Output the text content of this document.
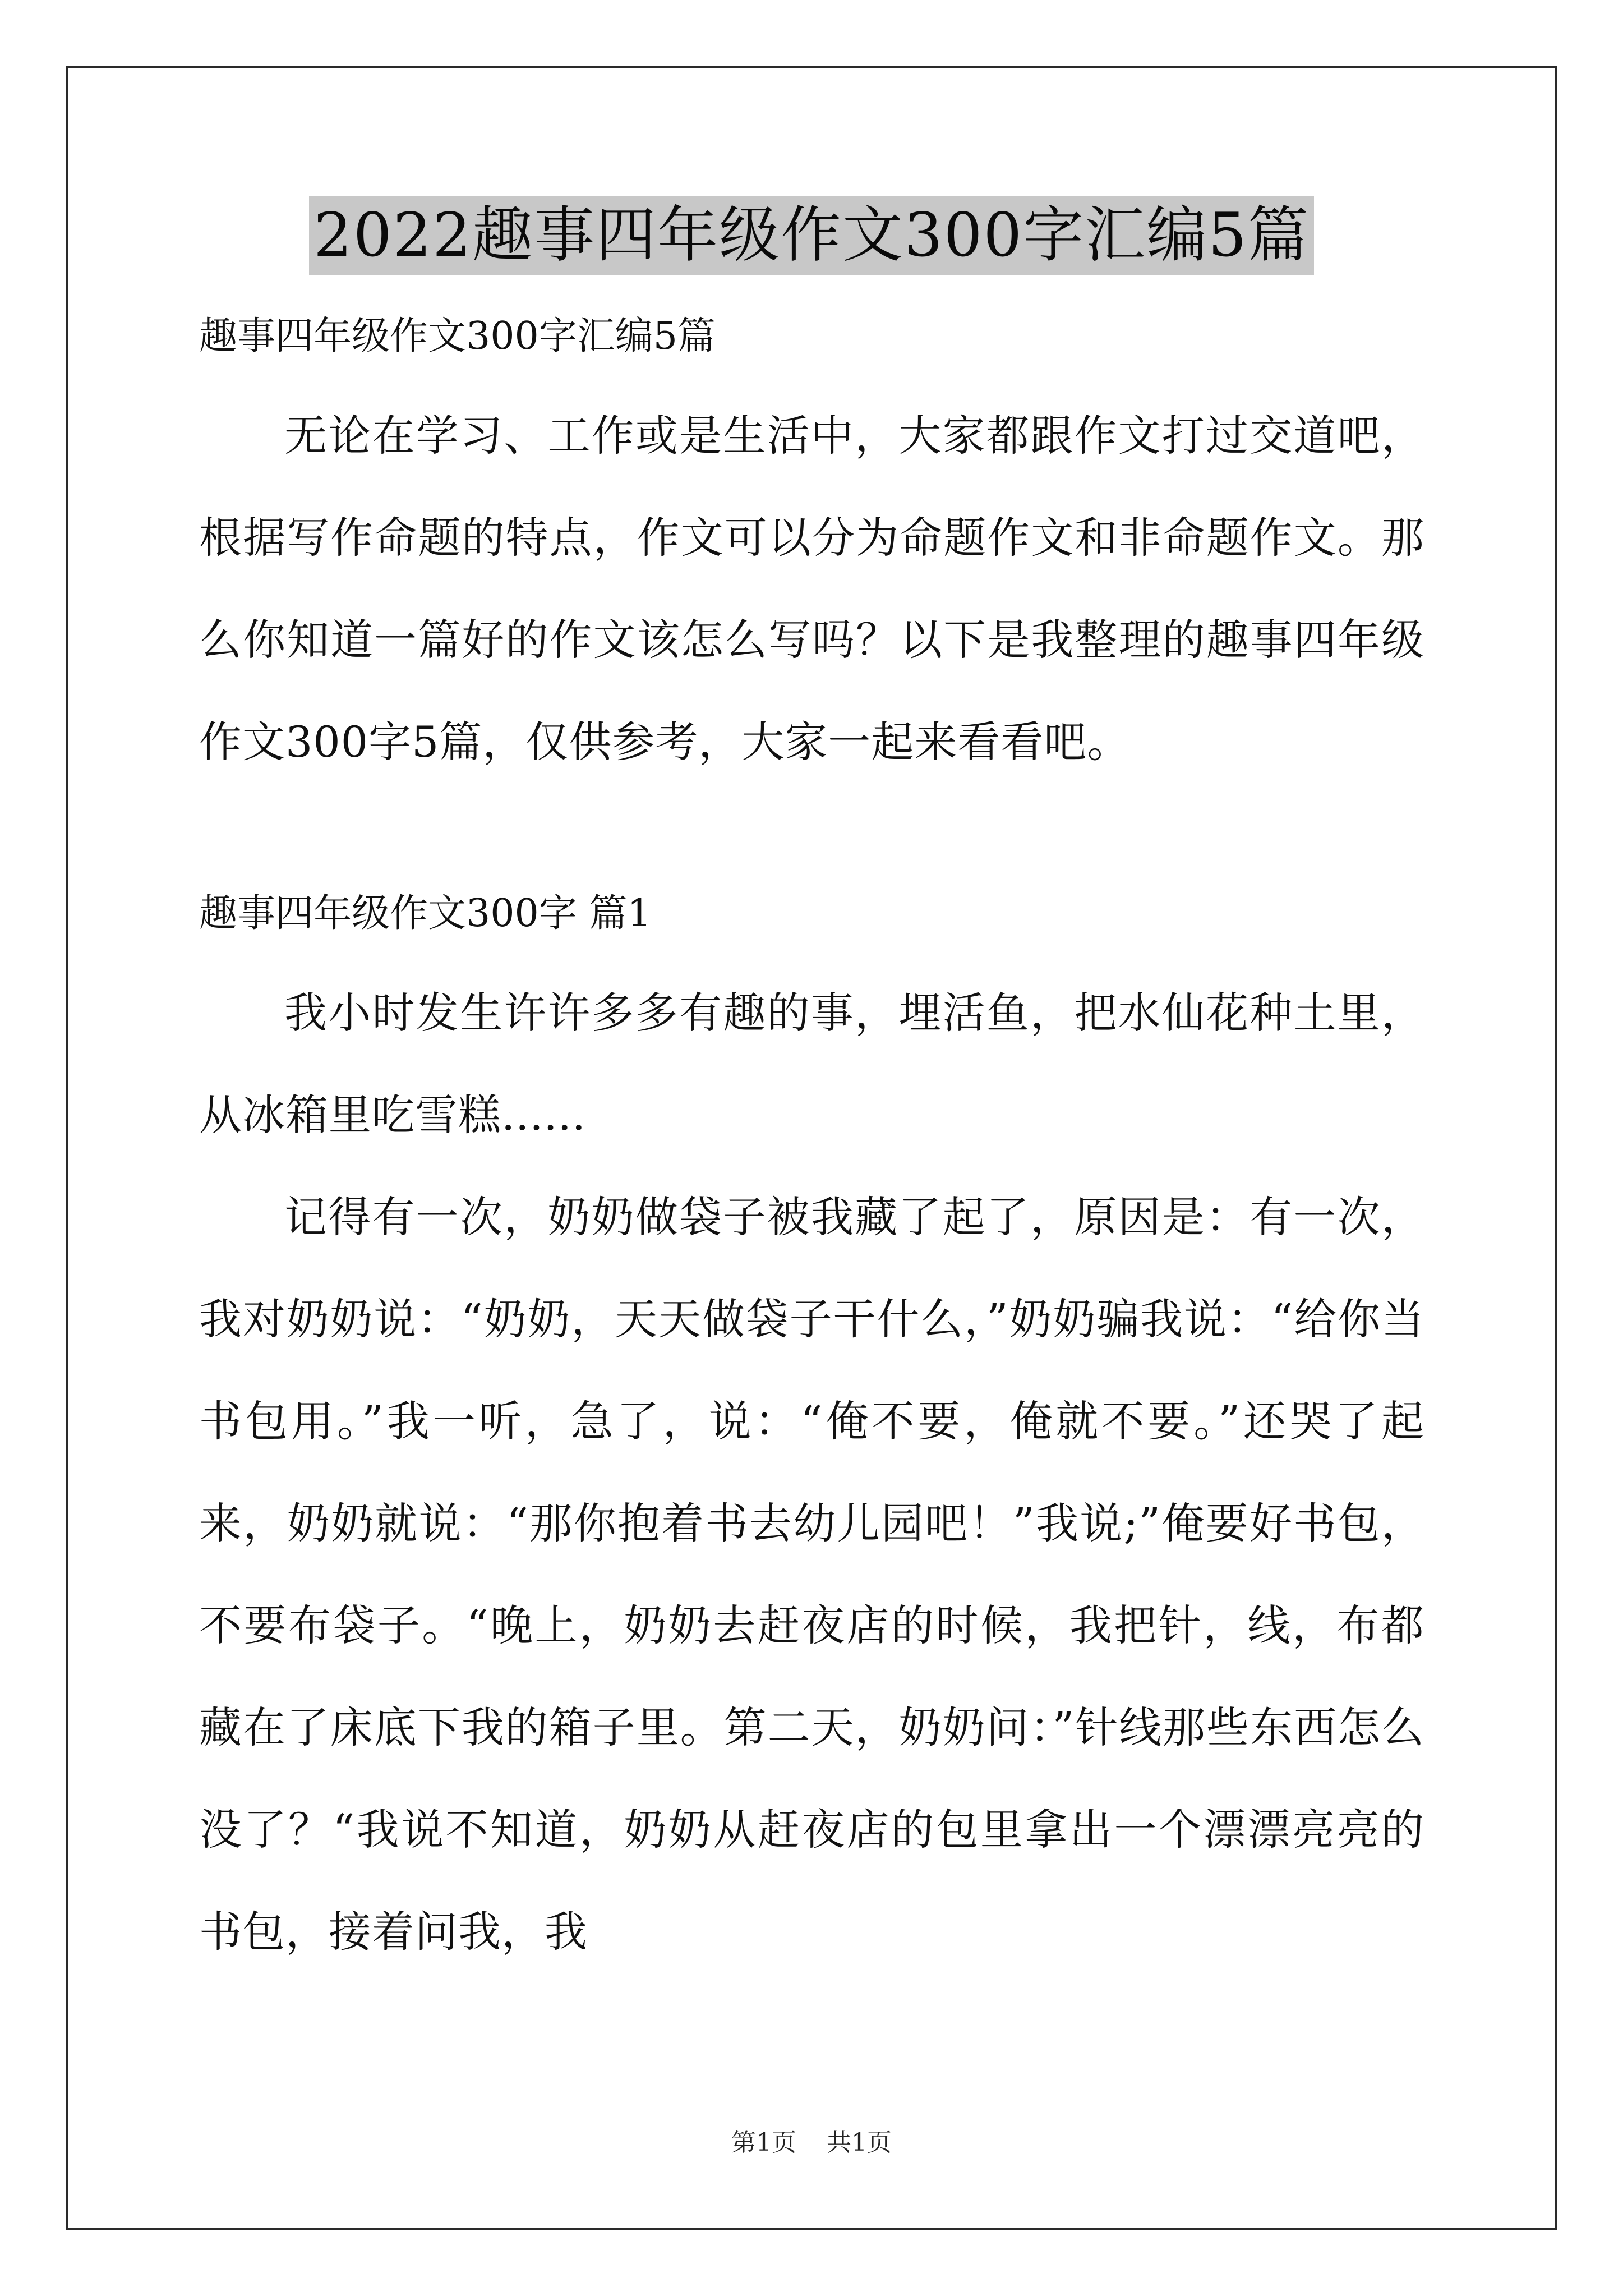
2022趣事四年级作文300字汇编5篇

趣事四年级作文300字汇编5篇

无论在学习、工作或是生活中，大家都跟作文打过交道吧，根据写作命题的特点，作文可以分为命题作文和非命题作文。那么你知道一篇好的作文该怎么写吗？以下是我整理的趣事四年级作文300字5篇，仅供参考，大家一起来看看吧。

趣事四年级作文300字 篇1

我小时发生许许多多有趣的事，埋活鱼，把水仙花种土里，从冰箱里吃雪糕......

记得有一次，奶奶做袋子被我藏了起了，原因是：有一次，我对奶奶说：“奶奶，天天做袋子干什么，”奶奶骗我说：“给你当书包用。”我一听，急了，说：“俺不要，俺就不要。”还哭了起来，奶奶就说：“那你抱着书去幼儿园吧！”我说;”俺要好书包，不要布袋子。“晚上，奶奶去赶夜店的时候，我把针，线，布都藏在了床底下我的箱子里。第二天，奶奶问：”针线那些东西怎么没了？“我说不知道，奶奶从赶夜店的包里拿出一个漂漂亮亮的书包，接着问我，我

第1页 共1页
